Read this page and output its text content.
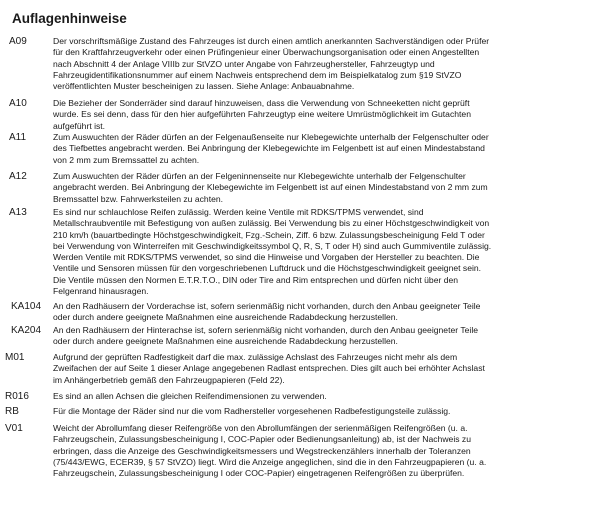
Auflagenhinweise
A09	Der vorschriftsmäßige Zustand des Fahrzeuges ist durch einen amtlich anerkannten Sachverständigen oder Prüfer
für den Kraftfahrzeugverkehr oder einen Prüfingenieur einer Überwachungsorganisation oder einen Angestellten
nach Abschnitt 4 der Anlage VIIIb zur StVZO unter Angabe von Fahrzeughersteller, Fahrzeugtyp und
Fahrzeugidentifikationsnummer auf einem Nachweis entsprechend dem im Beispielkatalog zum §19 StVZO
veröffentlichten Muster bescheinigen zu lassen. Siehe Anlage: Anbauabnahme.
A10	Die Bezieher der Sonderräder sind darauf hinzuweisen, dass die Verwendung von Schneeketten nicht geprüft
wurde. Es sei denn, dass für den hier aufgeführten Fahrzeugtyp eine weitere Umrüstmöglichkeit im Gutachten
aufgeführt ist.
A11	Zum Auswuchten der Räder dürfen an der Felgenaußenseite nur Klebegewichte unterhalb der Felgenschulter oder
des Tiefbettes angebracht werden. Bei Anbringung der Klebegewichte im Felgenbett ist auf einen Mindestabstand
von 2 mm zum Bremssattel zu achten.
A12	Zum Auswuchten der Räder dürfen an der Felgeninnenseite nur Klebegewichte unterhalb der Felgenschulter
angebracht werden. Bei Anbringung der Klebegewichte im Felgenbett ist auf einen Mindestabstand von 2 mm zum
Bremssattel bzw. Fahrwerksteilen zu achten.
A13	Es sind nur schlauchlose Reifen zulässig. Werden keine Ventile mit RDKS/TPMS verwendet, sind
Metallschraubventile mit Befestigung von außen zulässig. Bei Verwendung bis zu einer Höchstgeschwindigkeit von
210 km/h (bauartbedingte Höchstgeschwindigkeit, Fzg.-Schein, Ziff. 6 bzw. Zulassungsbescheinigung Feld T oder
bei Verwendung von Winterreifen mit Geschwindigkeitssymbol Q, R, S, T oder H) sind auch Gummiventile zulässig.
Werden Ventile mit RDKS/TPMS verwendet, so sind die Hinweise und Vorgaben der Hersteller zu beachten. Die
Ventile und Sensoren müssen für den vorgeschriebenen Luftdruck und die Höchstgeschwindigkeit geeignet sein.
Die Ventile müssen den Normen E.T.R.T.O., DIN oder Tire and Rim entsprechen und dürfen nicht über den
Felgenrand hinausragen.
KA104 An den Radhäusern der Vorderachse ist, sofern serienmäßig nicht vorhanden, durch den Anbau geeigneter Teile
oder durch andere geeignete Maßnahmen eine ausreichende Radabdeckung herzustellen.
KA204 An den Radhäusern der Hinterachse ist, sofern serienmäßig nicht vorhanden, durch den Anbau geeigneter Teile
oder durch andere geeignete Maßnahmen eine ausreichende Radabdeckung herzustellen.
M01	Aufgrund der geprüften Radfestigkeit darf die max. zulässige Achslast des Fahrzeuges nicht mehr als dem
Zweifachen der auf Seite 1 dieser Anlage angegebenen Radlast entsprechen. Dies gilt auch bei erhöhter Achslast
im Anhängerbetrieb gemäß den Fahrzeugpapieren (Feld 22).
R016	Es sind an allen Achsen die gleichen Reifendimensionen zu verwenden.
RB	Für die Montage der Räder sind nur die vom Radhersteller vorgesehenen Radbefestigungsteile zulässig.
V01	Weicht der Abrollumfang dieser Reifengröße von den Abrollumfängen der serienmäßigen Reifengrößen (u. a.
Fahrzeugschein, Zulassungsbescheinigung I, COC-Papier oder Bedienungsanleitung) ab, ist der Nachweis zu
erbringen, dass die Anzeige des Geschwindigkeitsmessers und Wegstreckenzählers innerhalb der Toleranzen
(75/443/EWG, ECER39, § 57 StVZO) liegt. Wird die Anzeige angeglichen, sind die in den Fahrzeugpapieren (u. a.
Fahrzeugschein, Zulassungsbescheinigung I oder COC-Papier) eingetragenen Reifengrößen zu überprüfen.
